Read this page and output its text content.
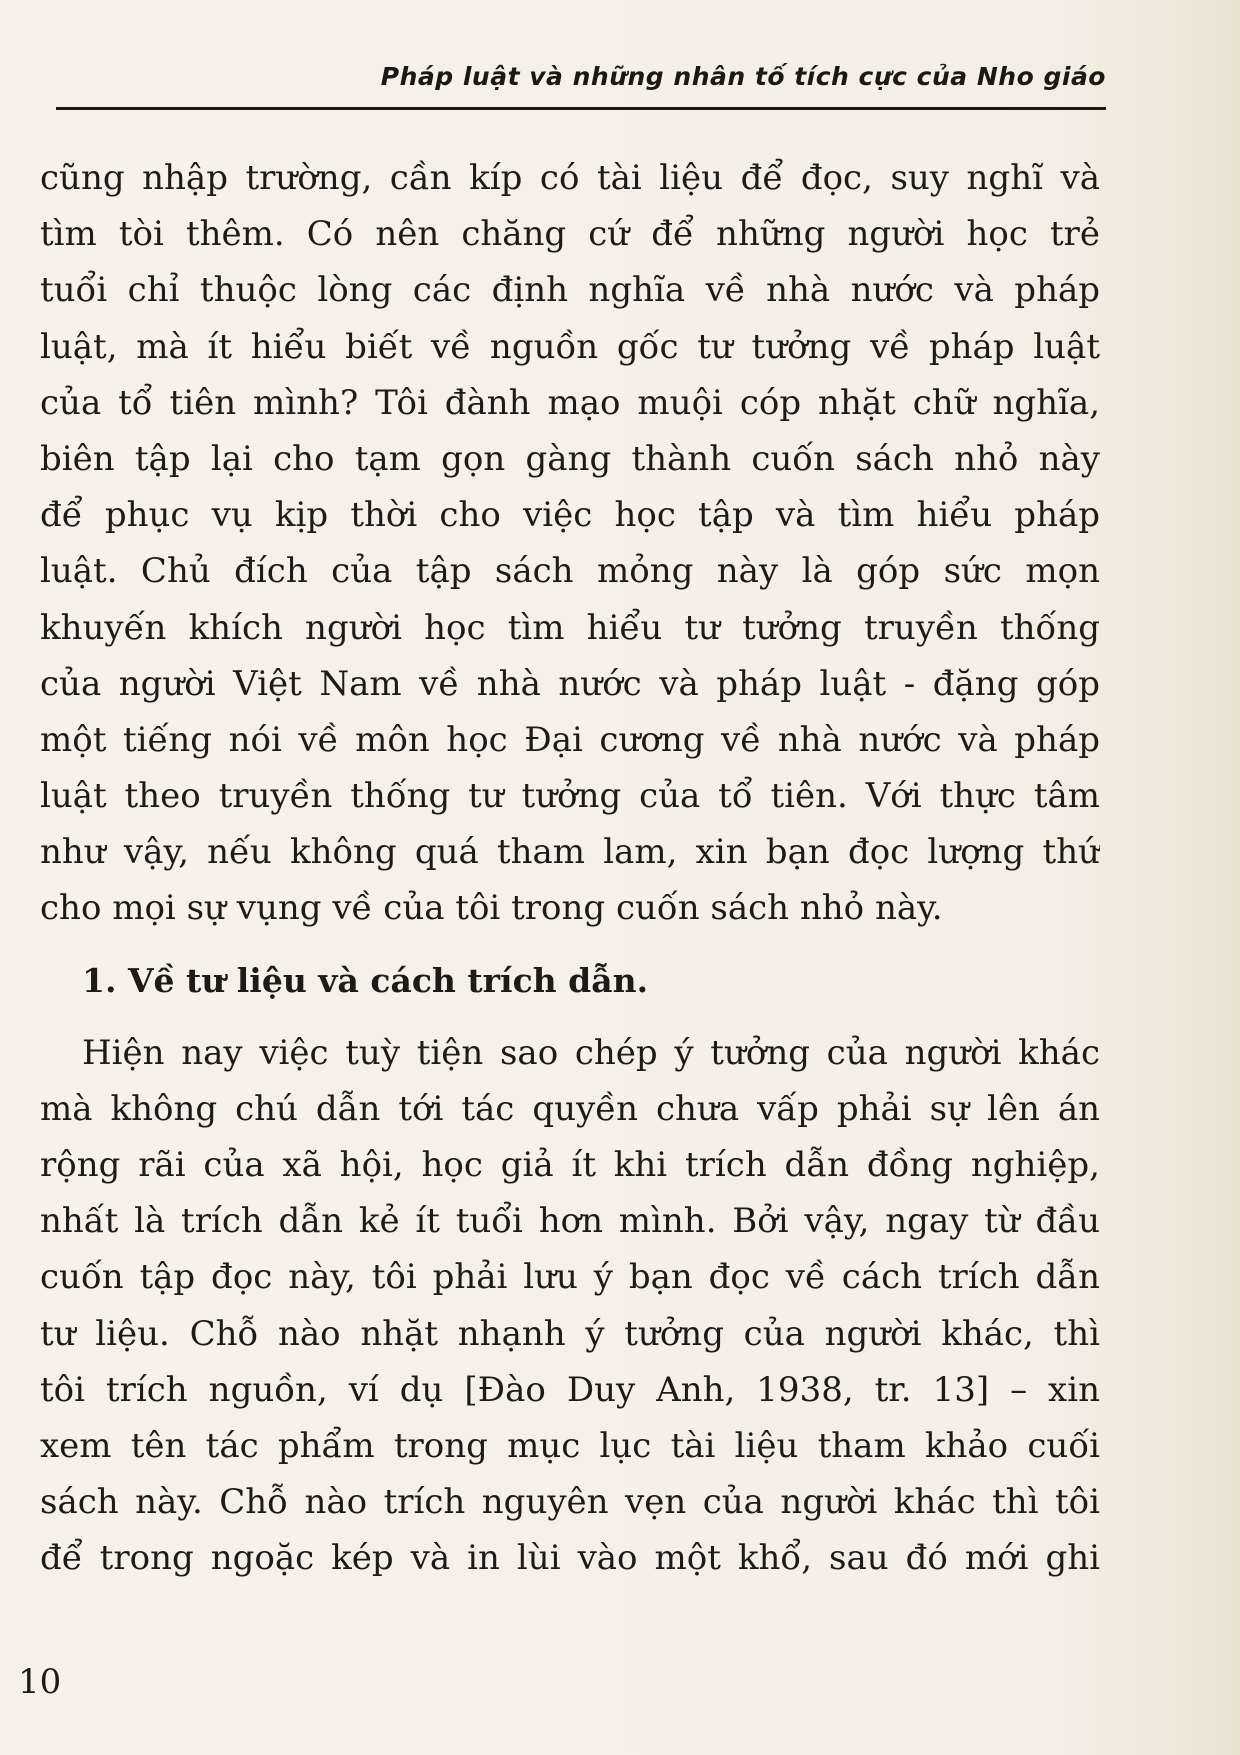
Pháp luật và những nhân tố tích cực của Nho giáo
cũng nhập trường, cần kíp có tài liệu để đọc, suy nghĩ và
tìm tòi thêm. Có nên chăng cứ để những người học trẻ
tuổi chỉ thuộc lòng các định nghĩa về nhà nước và pháp
luật, mà ít hiểu biết về nguồn gốc tư tưởng về pháp luật
của tổ tiên mình? Tôi đành mạo muội cóp nhặt chữ nghĩa,
biên tập lại cho tạm gọn gàng thành cuốn sách nhỏ này
để phục vụ kịp thời cho việc học tập và tìm hiểu pháp
luật. Chủ đích của tập sách mỏng này là góp sức mọn
khuyến khích người học tìm hiểu tư tưởng truyền thống
của người Việt Nam về nhà nước và pháp luật - đặng góp
một tiếng nói về môn học Đại cương về nhà nước và pháp
luật theo truyền thống tư tưởng của tổ tiên. Với thực tâm
như vậy, nếu không quá tham lam, xin bạn đọc lượng thứ
cho mọi sự vụng về của tôi trong cuốn sách nhỏ này.
1. Về tư liệu và cách trích dẫn.
Hiện nay việc tuỳ tiện sao chép ý tưởng của người khác
mà không chú dẫn tới tác quyền chưa vấp phải sự lên án
rộng rãi của xã hội, học giả ít khi trích dẫn đồng nghiệp,
nhất là trích dẫn kẻ ít tuổi hơn mình. Bởi vậy, ngay từ đầu
cuốn tập đọc này, tôi phải lưu ý bạn đọc về cách trích dẫn
tư liệu. Chỗ nào nhặt nhạnh ý tưởng của người khác, thì
tôi trích nguồn, ví dụ [Đào Duy Anh, 1938, tr. 13] – xin
xem tên tác phẩm trong mục lục tài liệu tham khảo cuối
sách này. Chỗ nào trích nguyên vẹn của người khác thì tôi
để trong ngoặc kép và in lùi vào một khổ, sau đó mới ghi
10
